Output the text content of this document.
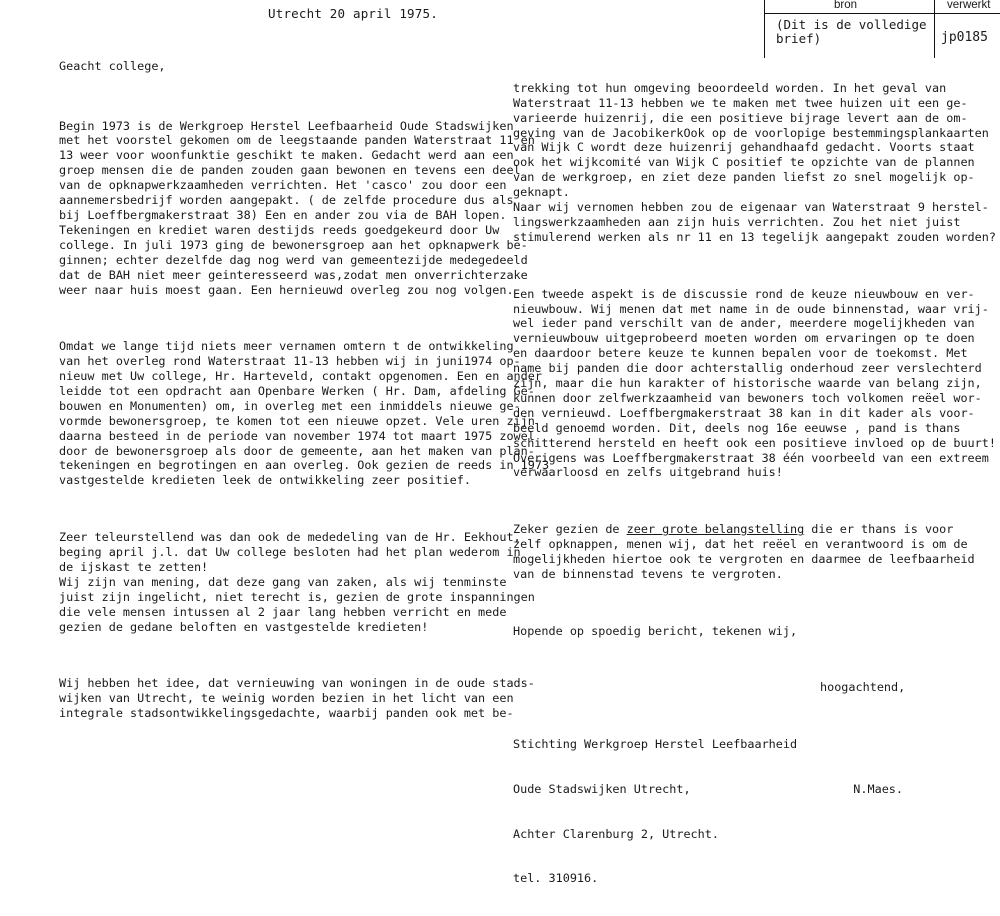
Utrecht 20 april 1975.
bron	verwerkt
(Dit is de volledige brief)	jp0185

Geacht college,

Begin 1973 is de Werkgroep Herstel Leefbaarheid Oude Stadswijken
met het voorstel gekomen om de leegstaande panden Waterstraat 11 en
13 weer voor woonfunktie geschikt te maken. Gedacht werd aan een
groep mensen die de panden zouden gaan bewonen en tevens een deel
van de opknapwerkzaamheden verrichten. Het 'casco' zou door een
aannemersbedrijf worden aangepakt. ( de zelfde procedure dus als
bij Loeffbergmakerstraat 38) Een en ander zou via de BAH lopen.
Tekeningen en krediet waren destijds reeds goedgekeurd door Uw
college. In juli 1973 ging de bewonersgroep aan het opknapwerk be-
ginnen; echter dezelfde dag nog werd van gemeentezijde medegedeeld
dat de BAH niet meer geinteresseerd was,zodat men onverrichterzake
weer naar huis moest gaan. Een hernieuwd overleg zou nog volgen.

Omdat we lange tijd niets meer vernamen omtern t de ontwikkeling
van het overleg rond Waterstraat 11-13 hebben wij in juni1974 op-
nieuw met Uw college, Hr. Harteveld, contakt opgenomen. Een en ander
leidde tot een opdracht aan Openbare Werken ( Hr. Dam, afdeling Ge-
bouwen en Monumenten) om, in overleg met een inmiddels nieuwe ge-
vormde bewonersgroep, te komen tot een nieuwe opzet. Vele uren zijn
daarna besteed in de periode van november 1974 tot maart 1975 zowel
door de bewonersgroep als door de gemeente, aan het maken van plan-
tekeningen en begrotingen en aan overleg. Ook gezien de reeds in 1973
vastgestelde kredieten leek de ontwikkeling zeer positief.

Zeer teleurstellend was dan ook de mededeling van de Hr. Eekhout,
beging april j.l. dat Uw college besloten had het plan wederom in
de ijskast te zetten!
Wij zijn van mening, dat deze gang van zaken, als wij tenminste
juist zijn ingelicht, niet terecht is, gezien de grote inspanningen
die vele mensen intussen al 2 jaar lang hebben verricht en mede
gezien de gedane beloften en vastgestelde kredieten!

Wij hebben het idee, dat vernieuwing van woningen in de oude stads-
wijken van Utrecht, te weinig worden bezien in het licht van een
integrale stadsontwikkelingsgedachte, waarbij panden ook met be-

trekking tot hun omgeving beoordeeld worden. In het geval van
Waterstraat 11-13 hebben we te maken met twee huizen uit een ge-
varieerde huizenrij, die een positieve bijrage levert aan de om-
geving van de JacobikerkOok op de voorlopige bestemmingsplankaarten
van Wijk C wordt deze huizenrij gehandhaafd gedacht. Voorts staat
ook het wijkcomité van Wijk C positief te opzichte van de plannen
van de werkgroep, en ziet deze panden liefst zo snel mogelijk op-
geknapt.
Naar wij vernomen hebben zou de eigenaar van Waterstraat 9 herstel-
lingswerkzaamheden aan zijn huis verrichten. Zou het niet juist
stimulerend werken als nr 11 en 13 tegelijk aangepakt zouden worden?

Een tweede aspekt is de discussie rond de keuze nieuwbouw en ver-
nieuwbouw. Wij menen dat met name in de oude binnenstad, waar vrij-
wel ieder pand verschilt van de ander, meerdere mogelijkheden van
vernieuwbouw uitgeprobeerd moeten worden om ervaringen op te doen
en daardoor betere keuze te kunnen bepalen voor de toekomst. Met
name bij panden die door achterstallig onderhoud zeer verslechterd
zijn, maar die hun karakter of historische waarde van belang zijn,
kunnen door zelfwerkzaamheid van bewoners toch volkomen reëel wor-
den vernieuwd. Loeffbergmakerstraat 38 kan in dit kader als voor-
beeld genoemd worden. Dit, deels nog 16e eeuwse , pand is thans
schitterend hersteld en heeft ook een positieve invloed op de buurt!
Overigens was Loeffbergmakerstraat 38 één voorbeeld van een extreem
verwaarloosd en zelfs uitgebrand huis!

Zeker gezien de zeer grote belangstelling die er thans is voor
zelf opknappen, menen wij, dat het reëel en verantwoord is om de
mogelijkheden hiertoe ook te vergroten en daarmee de leefbaarheid
van de binnenstad tevens te vergroten.

Hopende op spoedig bericht, tekenen wij,

hoogachtend,

Stichting Werkgroep Herstel Leefbaarheid

Oude Stadswijken Utrecht,	N.Maes.

Achter Clarenburg 2, Utrecht.

tel. 310916.
